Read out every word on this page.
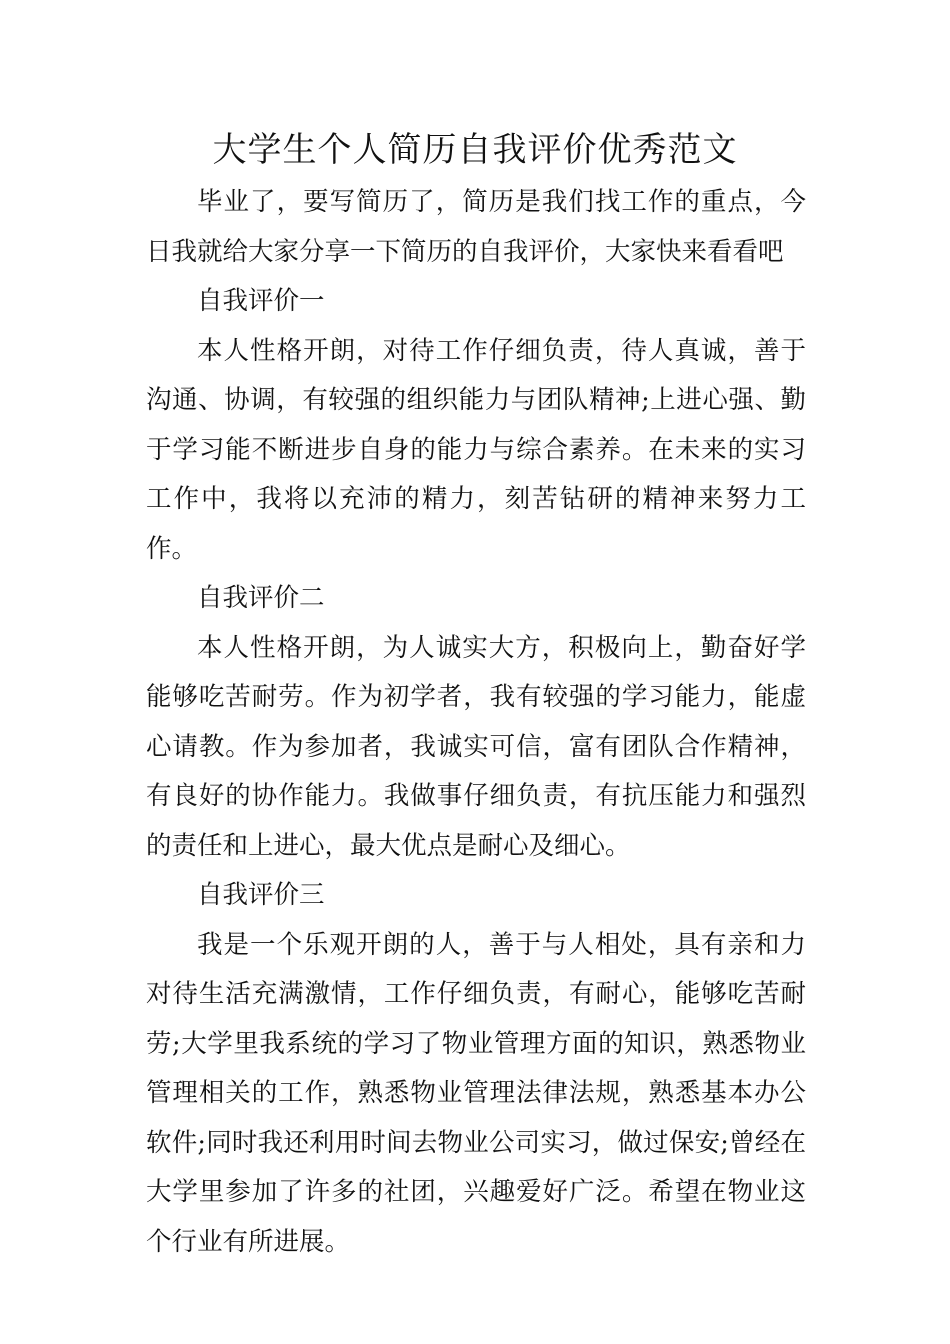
大学生个人简历自我评价优秀范文

毕业了，要写简历了，简历是我们找工作的重点，今日我就给大家分享一下简历的自我评价，大家快来看看吧

自我评价一

本人性格开朗，对待工作仔细负责，待人真诚，善于沟通、协调，有较强的组织能力与团队精神;上进心强、勤于学习能不断进步自身的能力与综合素养。在未来的实习工作中，我将以充沛的精力，刻苦钻研的精神来努力工作。

自我评价二

本人性格开朗，为人诚实大方，积极向上，勤奋好学能够吃苦耐劳。作为初学者，我有较强的学习能力，能虚心请教。作为参加者，我诚实可信，富有团队合作精神，有良好的协作能力。我做事仔细负责，有抗压能力和强烈的责任和上进心，最大优点是耐心及细心。

自我评价三

我是一个乐观开朗的人，善于与人相处，具有亲和力对待生活充满激情，工作仔细负责，有耐心，能够吃苦耐劳;大学里我系统的学习了物业管理方面的知识，熟悉物业管理相关的工作，熟悉物业管理法律法规，熟悉基本办公软件;同时我还利用时间去物业公司实习，做过保安;曾经在大学里参加了许多的社团，兴趣爱好广泛。希望在物业这个行业有所进展。
